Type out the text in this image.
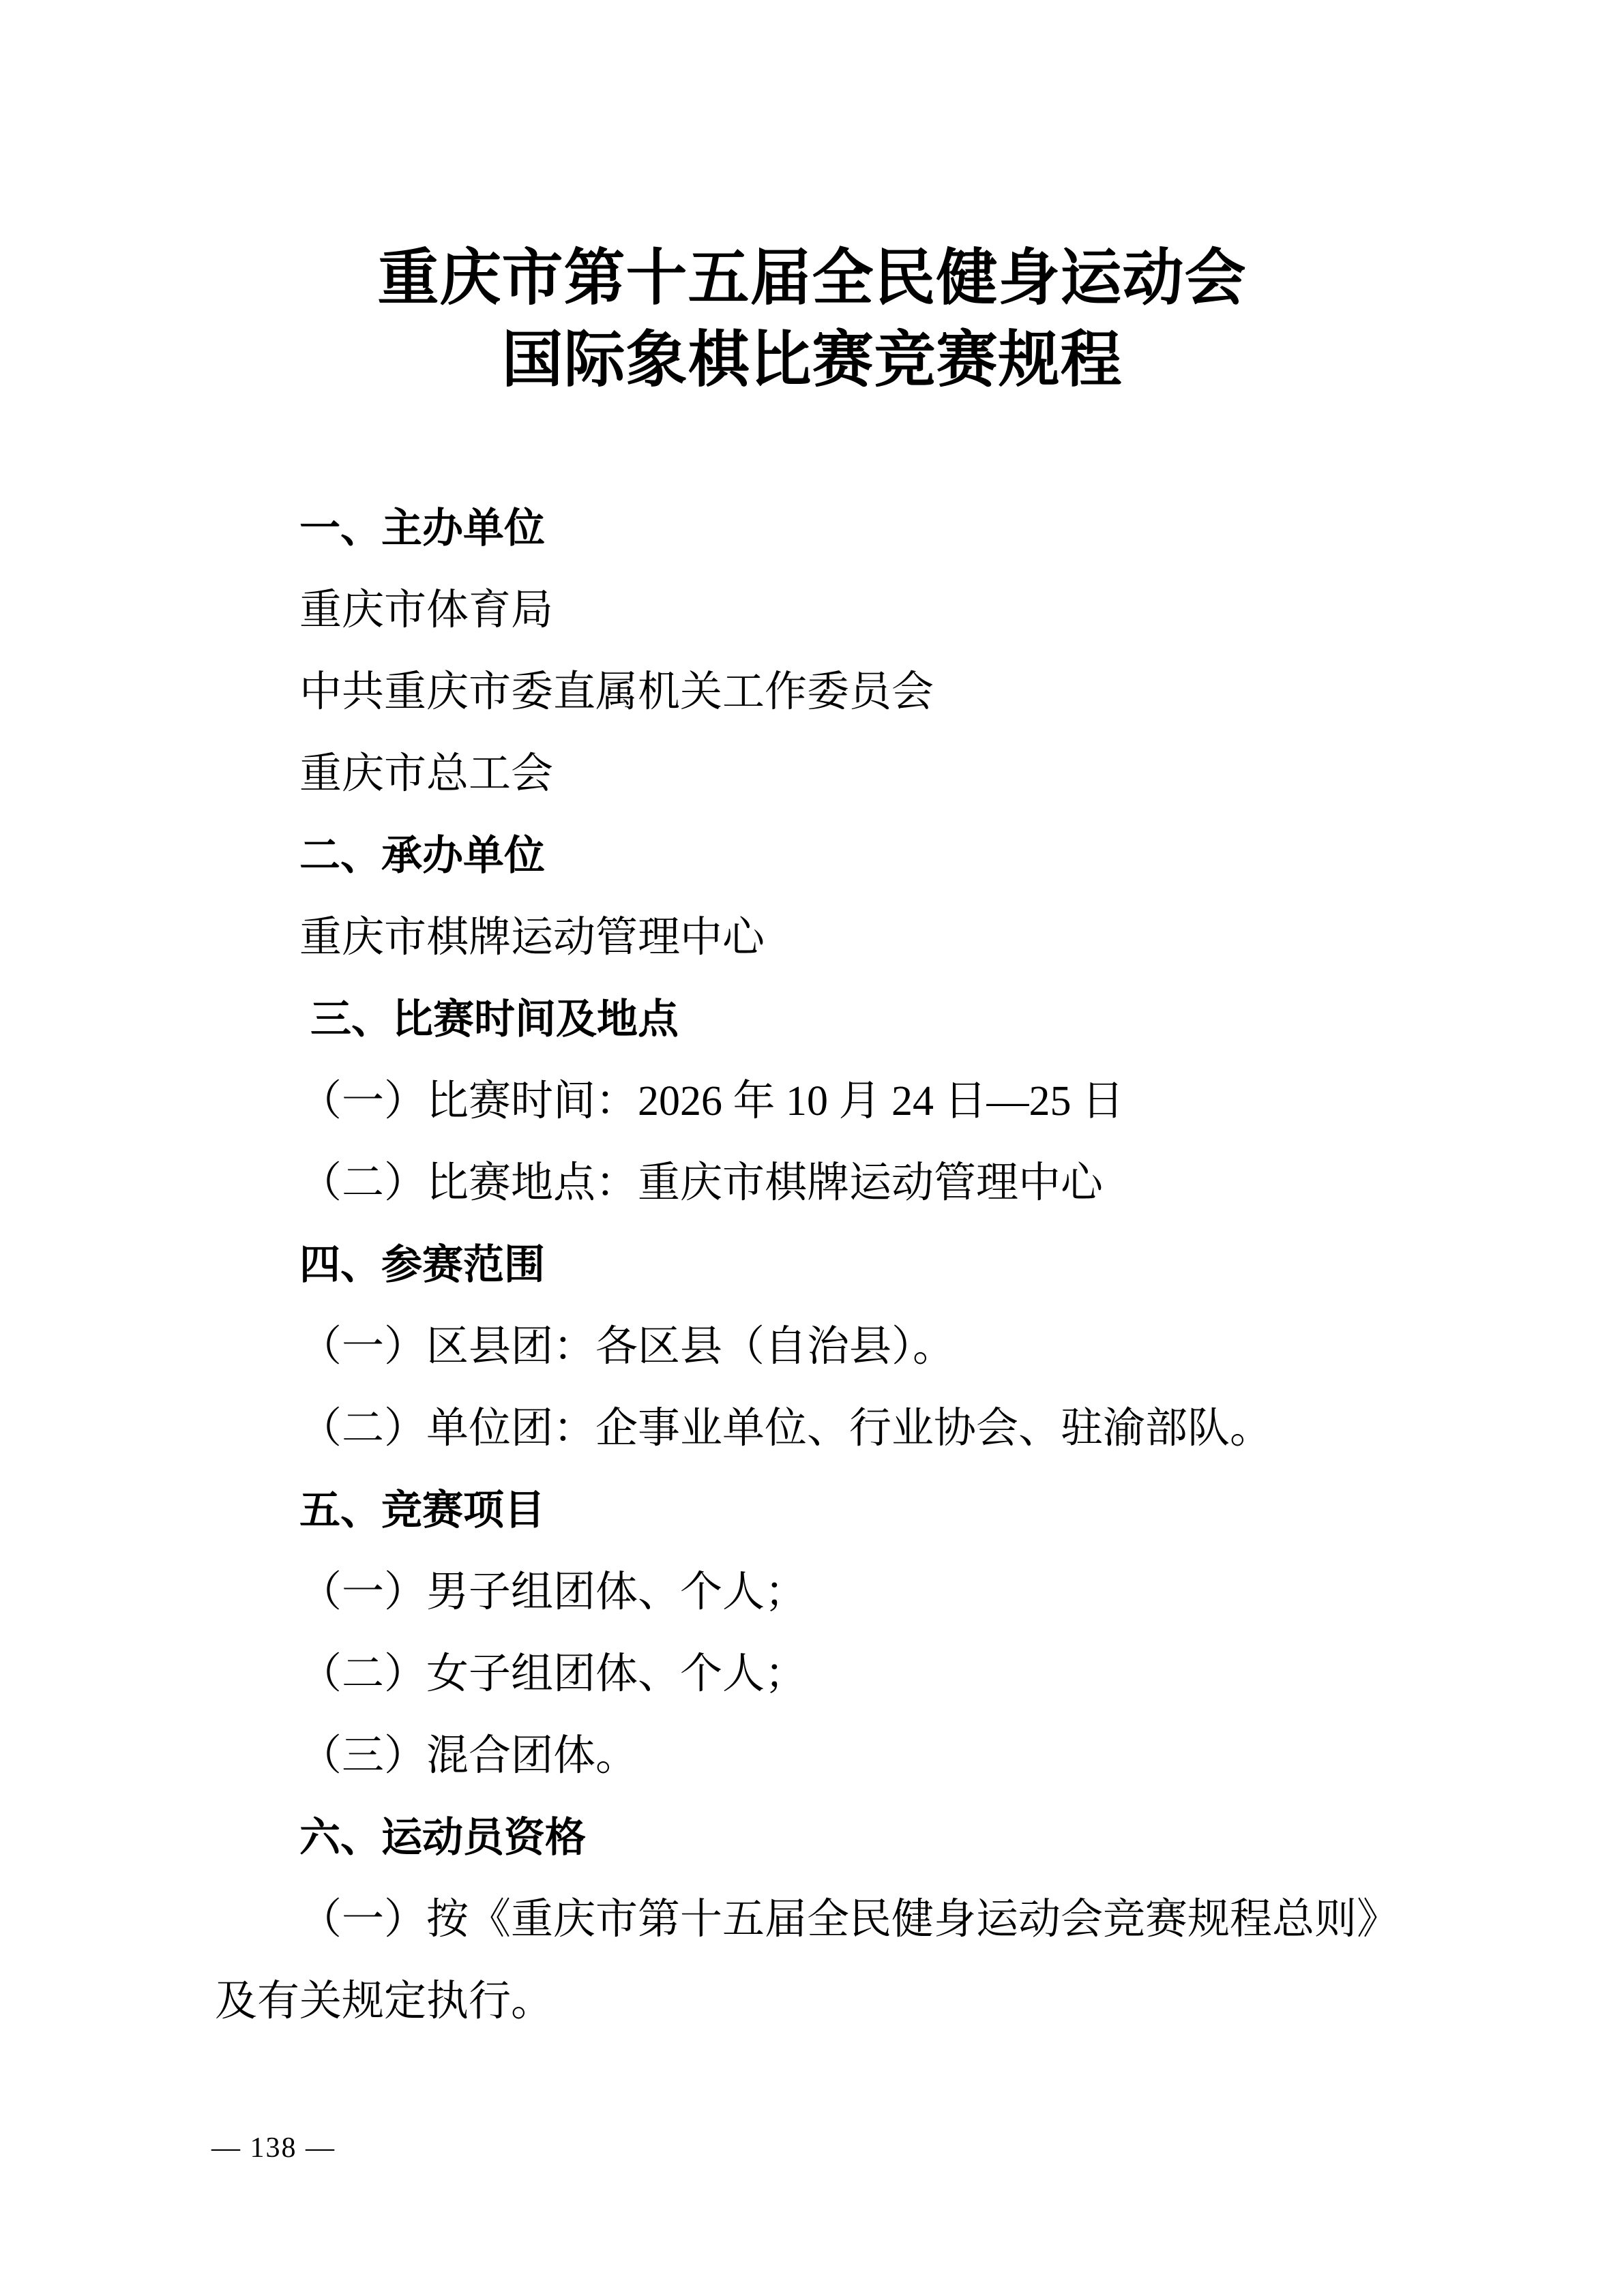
重庆市第十五届全民健身运动会
国际象棋比赛竞赛规程

一、主办单位

重庆市体育局

中共重庆市委直属机关工作委员会

重庆市总工会

二、承办单位

重庆市棋牌运动管理中心

三、比赛时间及地点

（一）比赛时间：2026 年 10 月 24 日—25 日

（二）比赛地点：重庆市棋牌运动管理中心

四、参赛范围

（一）区县团：各区县（自治县）。

（二）单位团：企事业单位、行业协会、驻渝部队。

五、竞赛项目

（一）男子组团体、个人；

（二）女子组团体、个人；

（三）混合团体。

六、运动员资格

（一）按《重庆市第十五届全民健身运动会竞赛规程总则》

及有关规定执行。

— 138 —
